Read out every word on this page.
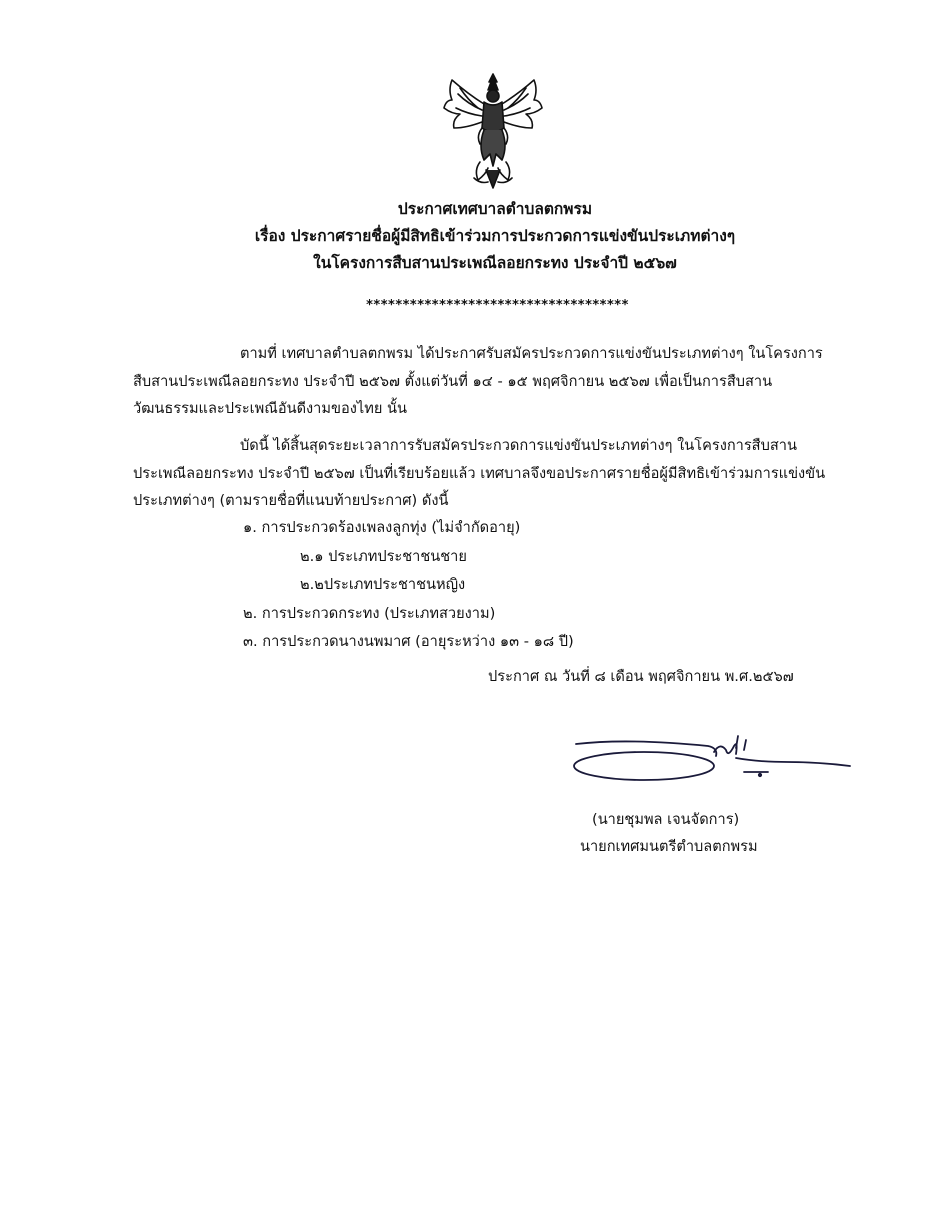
ประกาศเทศบาลตำบลตกพรม
เรื่อง ประกาศรายชื่อผู้มีสิทธิเข้าร่วมการประกวดการแข่งขันประเภทต่างๆ
ในโครงการสืบสานประเพณีลอยกระทง ประจำปี ๒๕๖๗
************************************
ตามที่ เทศบาลตำบลตกพรม ได้ประกาศรับสมัครประกวดการแข่งขันประเภทต่างๆ ในโครงการ
สืบสานประเพณีลอยกระทง ประจำปี ๒๕๖๗ ตั้งแต่วันที่ ๑๔ - ๑๕ พฤศจิกายน ๒๕๖๗ เพื่อเป็นการสืบสาน
วัฒนธรรมและประเพณีอันดีงามของไทย นั้น
บัดนี้ ได้สิ้นสุดระยะเวลาการรับสมัครประกวดการแข่งขันประเภทต่างๆ ในโครงการสืบสาน
ประเพณีลอยกระทง ประจำปี ๒๕๖๗ เป็นที่เรียบร้อยแล้ว เทศบาลจึงขอประกาศรายชื่อผู้มีสิทธิเข้าร่วมการแข่งขัน
ประเภทต่างๆ (ตามรายชื่อที่แนบท้ายประกาศ) ดังนี้
๑. การประกวดร้องเพลงลูกทุ่ง (ไม่จำกัดอายุ)
๒.๑ ประเภทประชาชนชาย
๒.๒ประเภทประชาชนหญิง
๒. การประกวดกระทง (ประเภทสวยงาม)
๓. การประกวดนางนพมาศ (อายุระหว่าง ๑๓ - ๑๘ ปี)
ประกาศ ณ วันที่ ๘ เดือน พฤศจิกายน พ.ศ.๒๕๖๗
(นายชุมพล เจนจัดการ)
นายกเทศมนตรีตำบลตกพรม
